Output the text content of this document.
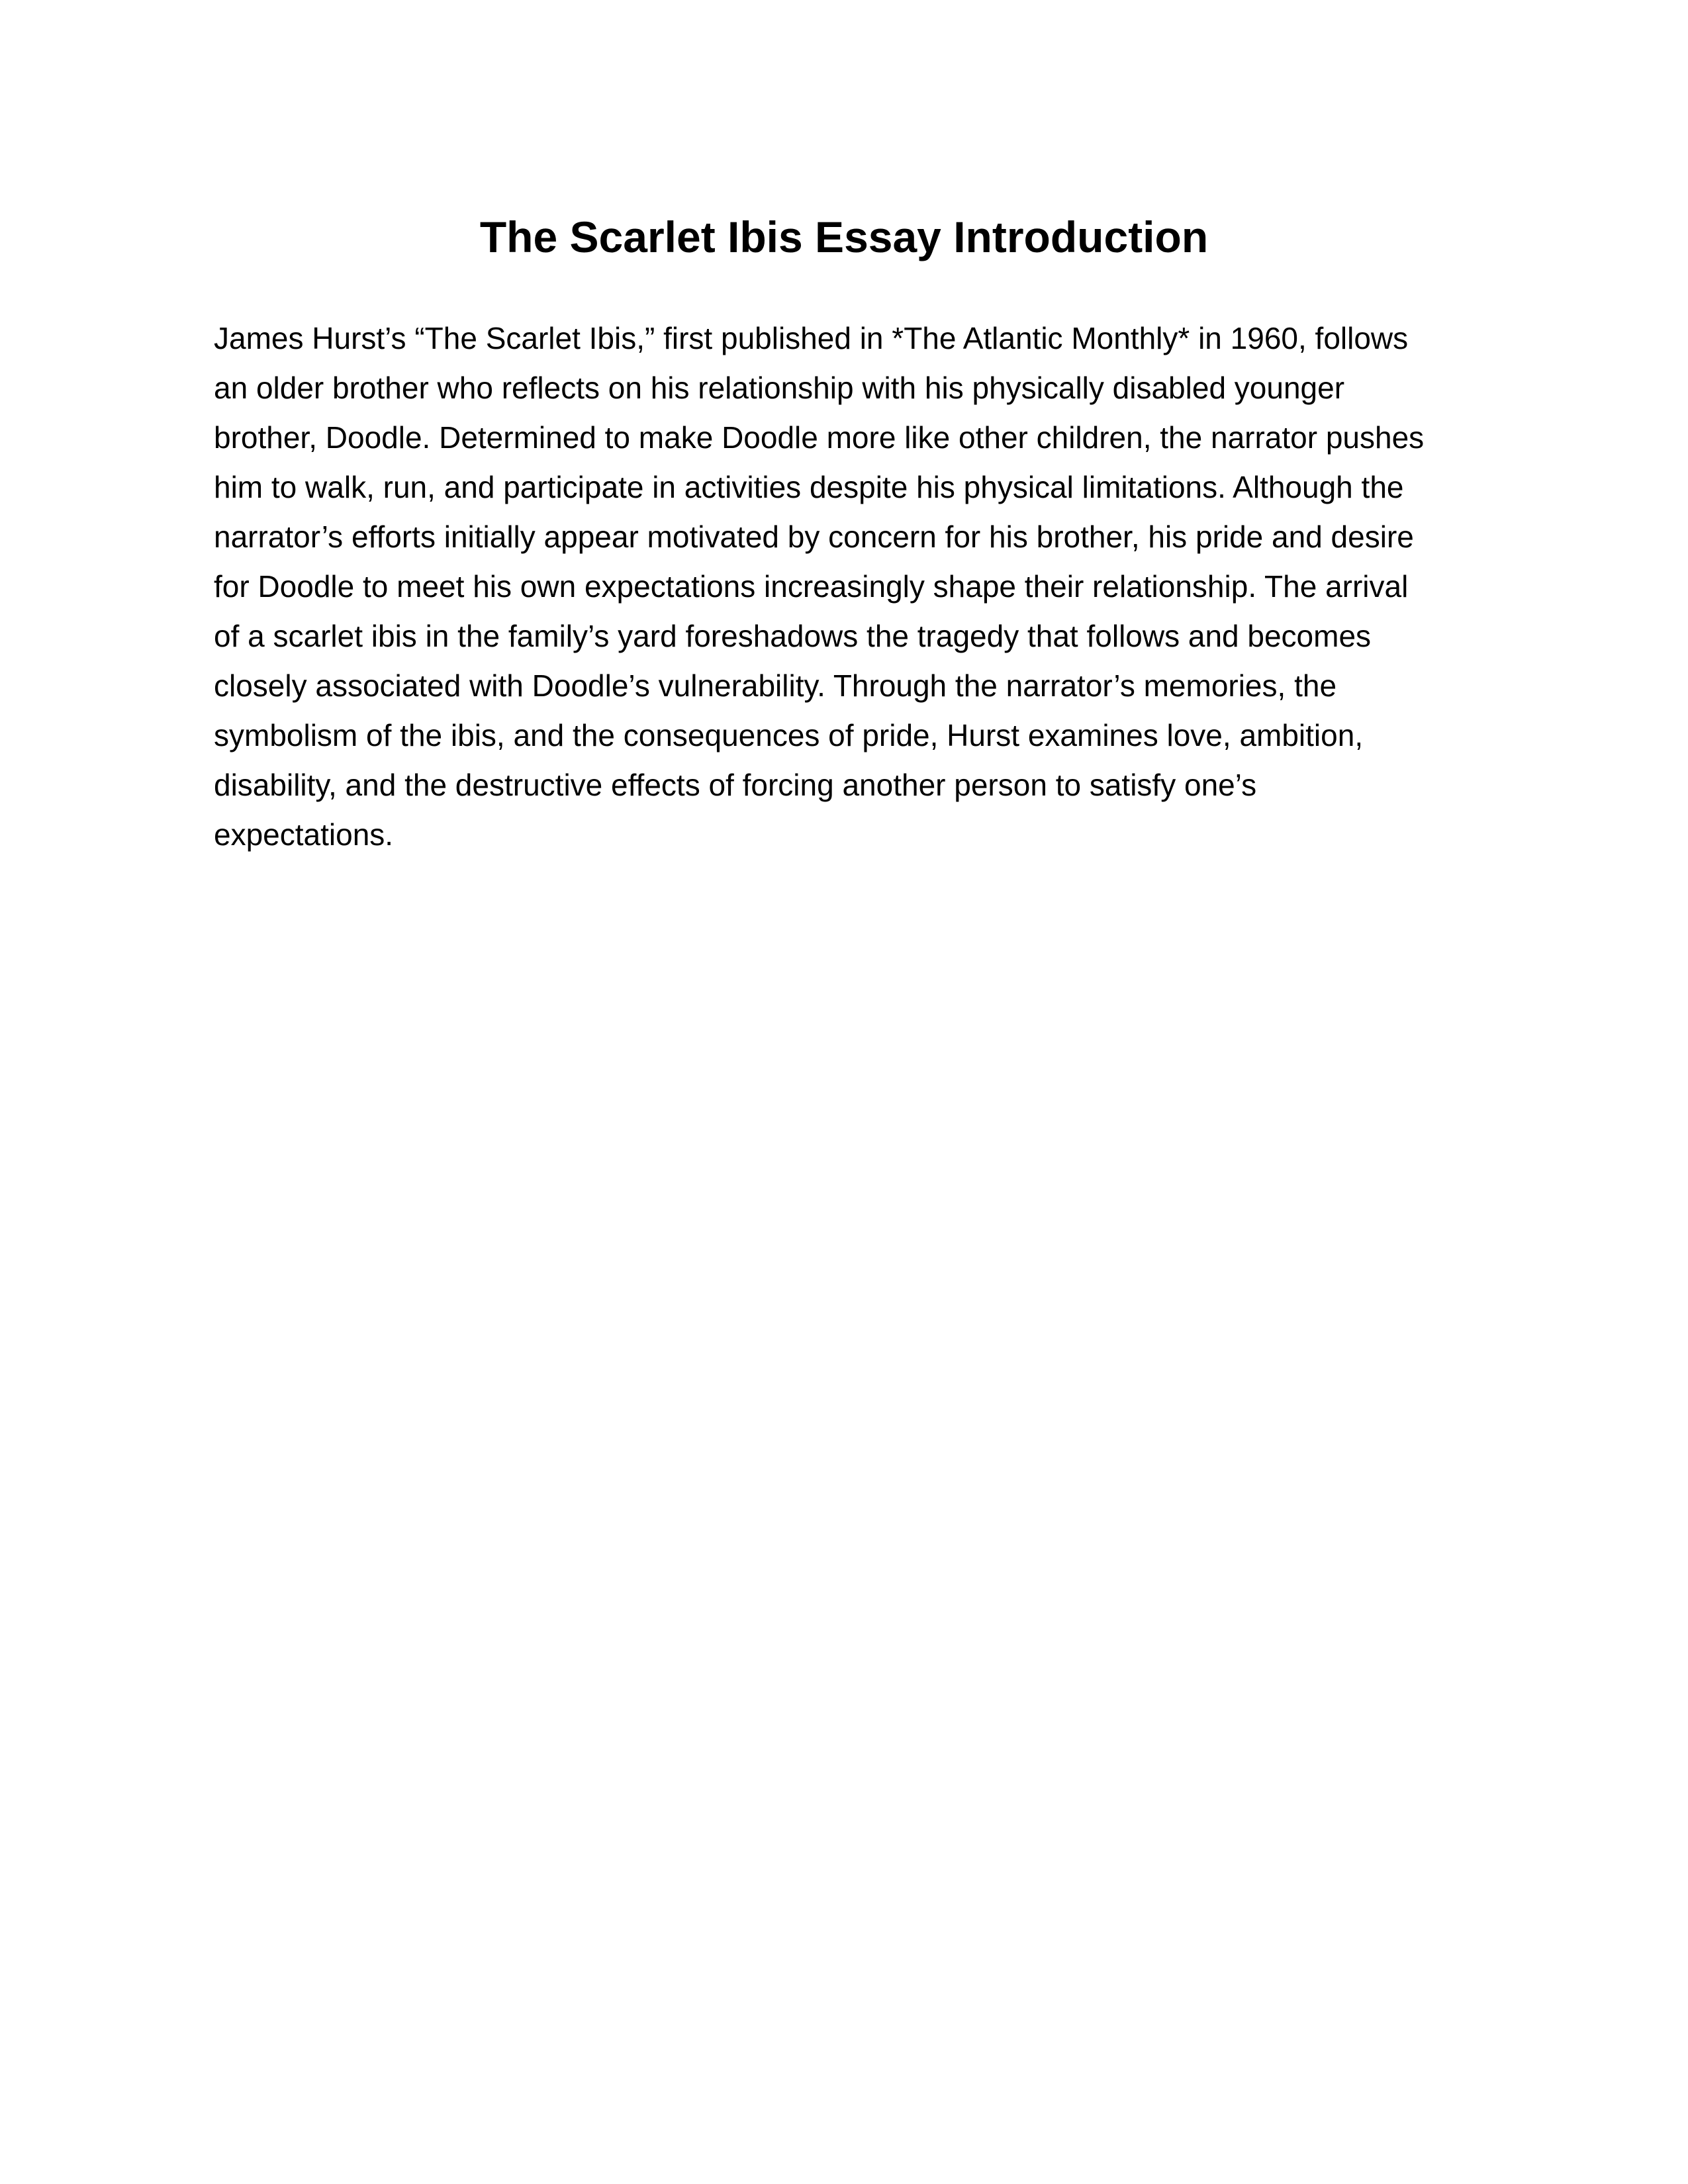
The Scarlet Ibis Essay Introduction
James Hurst’s “The Scarlet Ibis,” first published in *The Atlantic Monthly* in 1960, follows
an older brother who reflects on his relationship with his physically disabled younger
brother, Doodle. Determined to make Doodle more like other children, the narrator pushes
him to walk, run, and participate in activities despite his physical limitations. Although the
narrator’s efforts initially appear motivated by concern for his brother, his pride and desire
for Doodle to meet his own expectations increasingly shape their relationship. The arrival
of a scarlet ibis in the family’s yard foreshadows the tragedy that follows and becomes
closely associated with Doodle’s vulnerability. Through the narrator’s memories, the
symbolism of the ibis, and the consequences of pride, Hurst examines love, ambition,
disability, and the destructive effects of forcing another person to satisfy one’s
expectations.
